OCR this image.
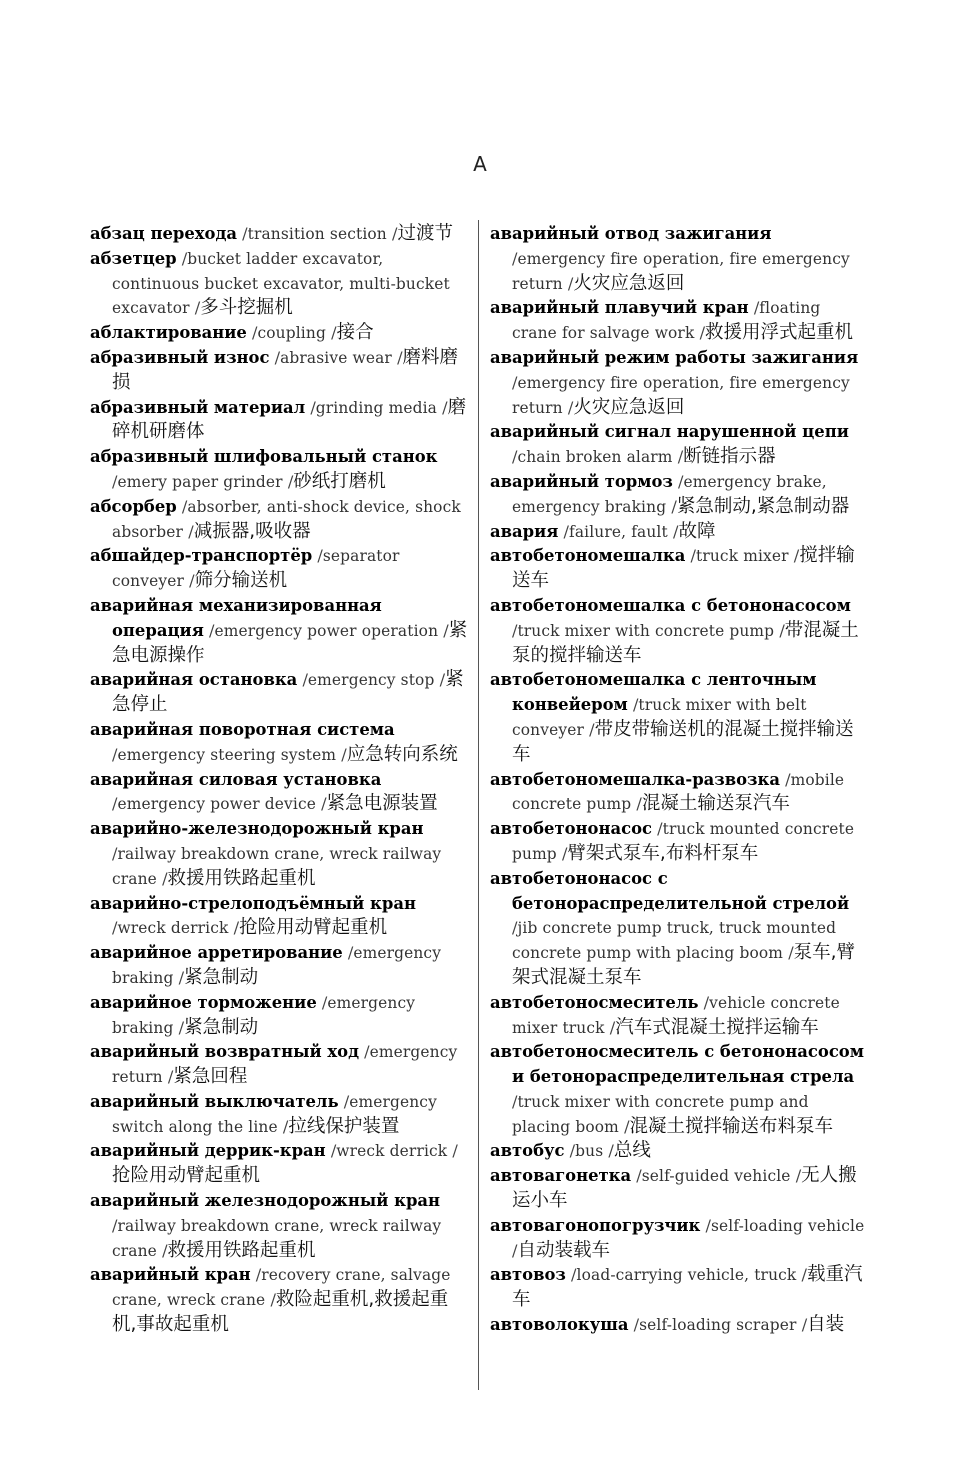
A
абзац перехода /transition section /过渡节
абзетцер /bucket ladder excavator, continuous bucket excavator, multi-bucket excavator /多斗挖掘机
аблактирование /coupling /接合
абразивный износ /abrasive wear /磨料磨损
абразивный материал /grinding media /磨碎机研磨体
абразивный шлифовальный станок /emery paper grinder /砂纸打磨机
абсорбер /absorber, anti-shock device, shock absorber /减振器,吸收器
абшайдер-транспортёр /separator conveyer /筛分输送机
аварийная механизированная операция /emergency power operation /紧急电源操作
аварийная остановка /emergency stop /紧急停止
аварийная поворотная система /emergency steering system /应急转向系统
аварийная силовая установка /emergency power device /紧急电源装置
аварийно-железнодорожный кран /railway breakdown crane, wreck railway crane /救援用铁路起重机
аварийно-стрелоподъёмный кран /wreck derrick /抢险用动臂起重机
аварийное арретирование /emergency braking /紧急制动
аварийное торможение /emergency braking /紧急制动
аварийный возвратный ход /emergency return /紧急回程
аварийный выключатель /emergency switch along the line /拉线保护装置
аварийный деррик-кран /wreck derrick /抢险用动臂起重机
аварийный железнодорожный кран /railway breakdown crane, wreck railway crane /救援用铁路起重机
аварийный кран /recovery crane, salvage crane, wreck crane /救险起重机,救援起重机,事故起重机
аварийный отвод зажигания /emergency fire operation, fire emergency return /火灾应急返回
аварийный плавучий кран /floating crane for salvage work /救援用浮式起重机
аварийный режим работы зажигания /emergency fire operation, fire emergency return /火灾应急返回
аварийный сигнал нарушенной цепи /chain broken alarm /断链指示器
аварийный тормоз /emergency brake, emergency braking /紧急制动,紧急制动器
авария /failure, fault /故障
автобетономешалка /truck mixer /搅拌输送车
автобетономешалка с бетононасосом /truck mixer with concrete pump /带混凝土泵的搅拌输送车
автобетономешалка с ленточным конвейером /truck mixer with belt conveyer /带皮带输送机的混凝土搅拌输送车
автобетономешалка-развозка /mobile concrete pump /混凝土输送泵汽车
автобетононасос /truck mounted concrete pump /臂架式泵车,布料杆泵车
автобетононасос с бетонораспределительной стрелой /jib concrete pump truck, truck mounted concrete pump with placing boom /泵车,臂架式混凝土泵车
автобетоносмеситель /vehicle concrete mixer truck /汽车式混凝土搅拌运输车
автобетоносмеситель с бетононасосом и бетонораспределительная стрела /truck mixer with concrete pump and placing boom /混凝土搅拌输送布料泵车
автобус /bus /总线
автовагонетка /self-guided vehicle /无人搬运小车
автовагонопогрузчик /self-loading vehicle /自动装载车
автовоз /load-carrying vehicle, truck /载重汽车
автоволокуша /self-loading scraper /自装
